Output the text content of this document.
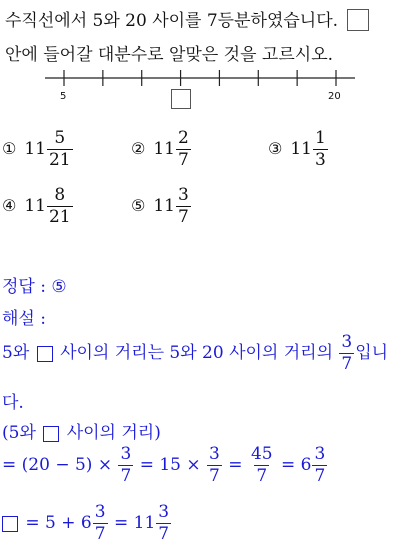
수직선에서 5와 20 사이를 7등분하였습니다.
안에 들어갈 대분수로 알맞은 것을 고르시오.
5	20
① $11 \frac{5}{21}$	② $11 \frac{2}{7}$	③ $11 \frac{1}{3}$
④ $11 \frac{8}{21}$	⑤ $11 \frac{3}{7}$
정답 : ⑤
해설 :
5와 사이의 거리는 5와 20 사이의 거리의 $\frac{3}{7}$ 입니
다.
(5와 사이의 거리)
= $(20 - 5) \times \frac{3}{7} = 15 \times \frac{3}{7} = \frac{45}{7} = 6 \frac{3}{7}$
= $5 + 6 \frac{3}{7} = 11 \frac{3}{7}$
